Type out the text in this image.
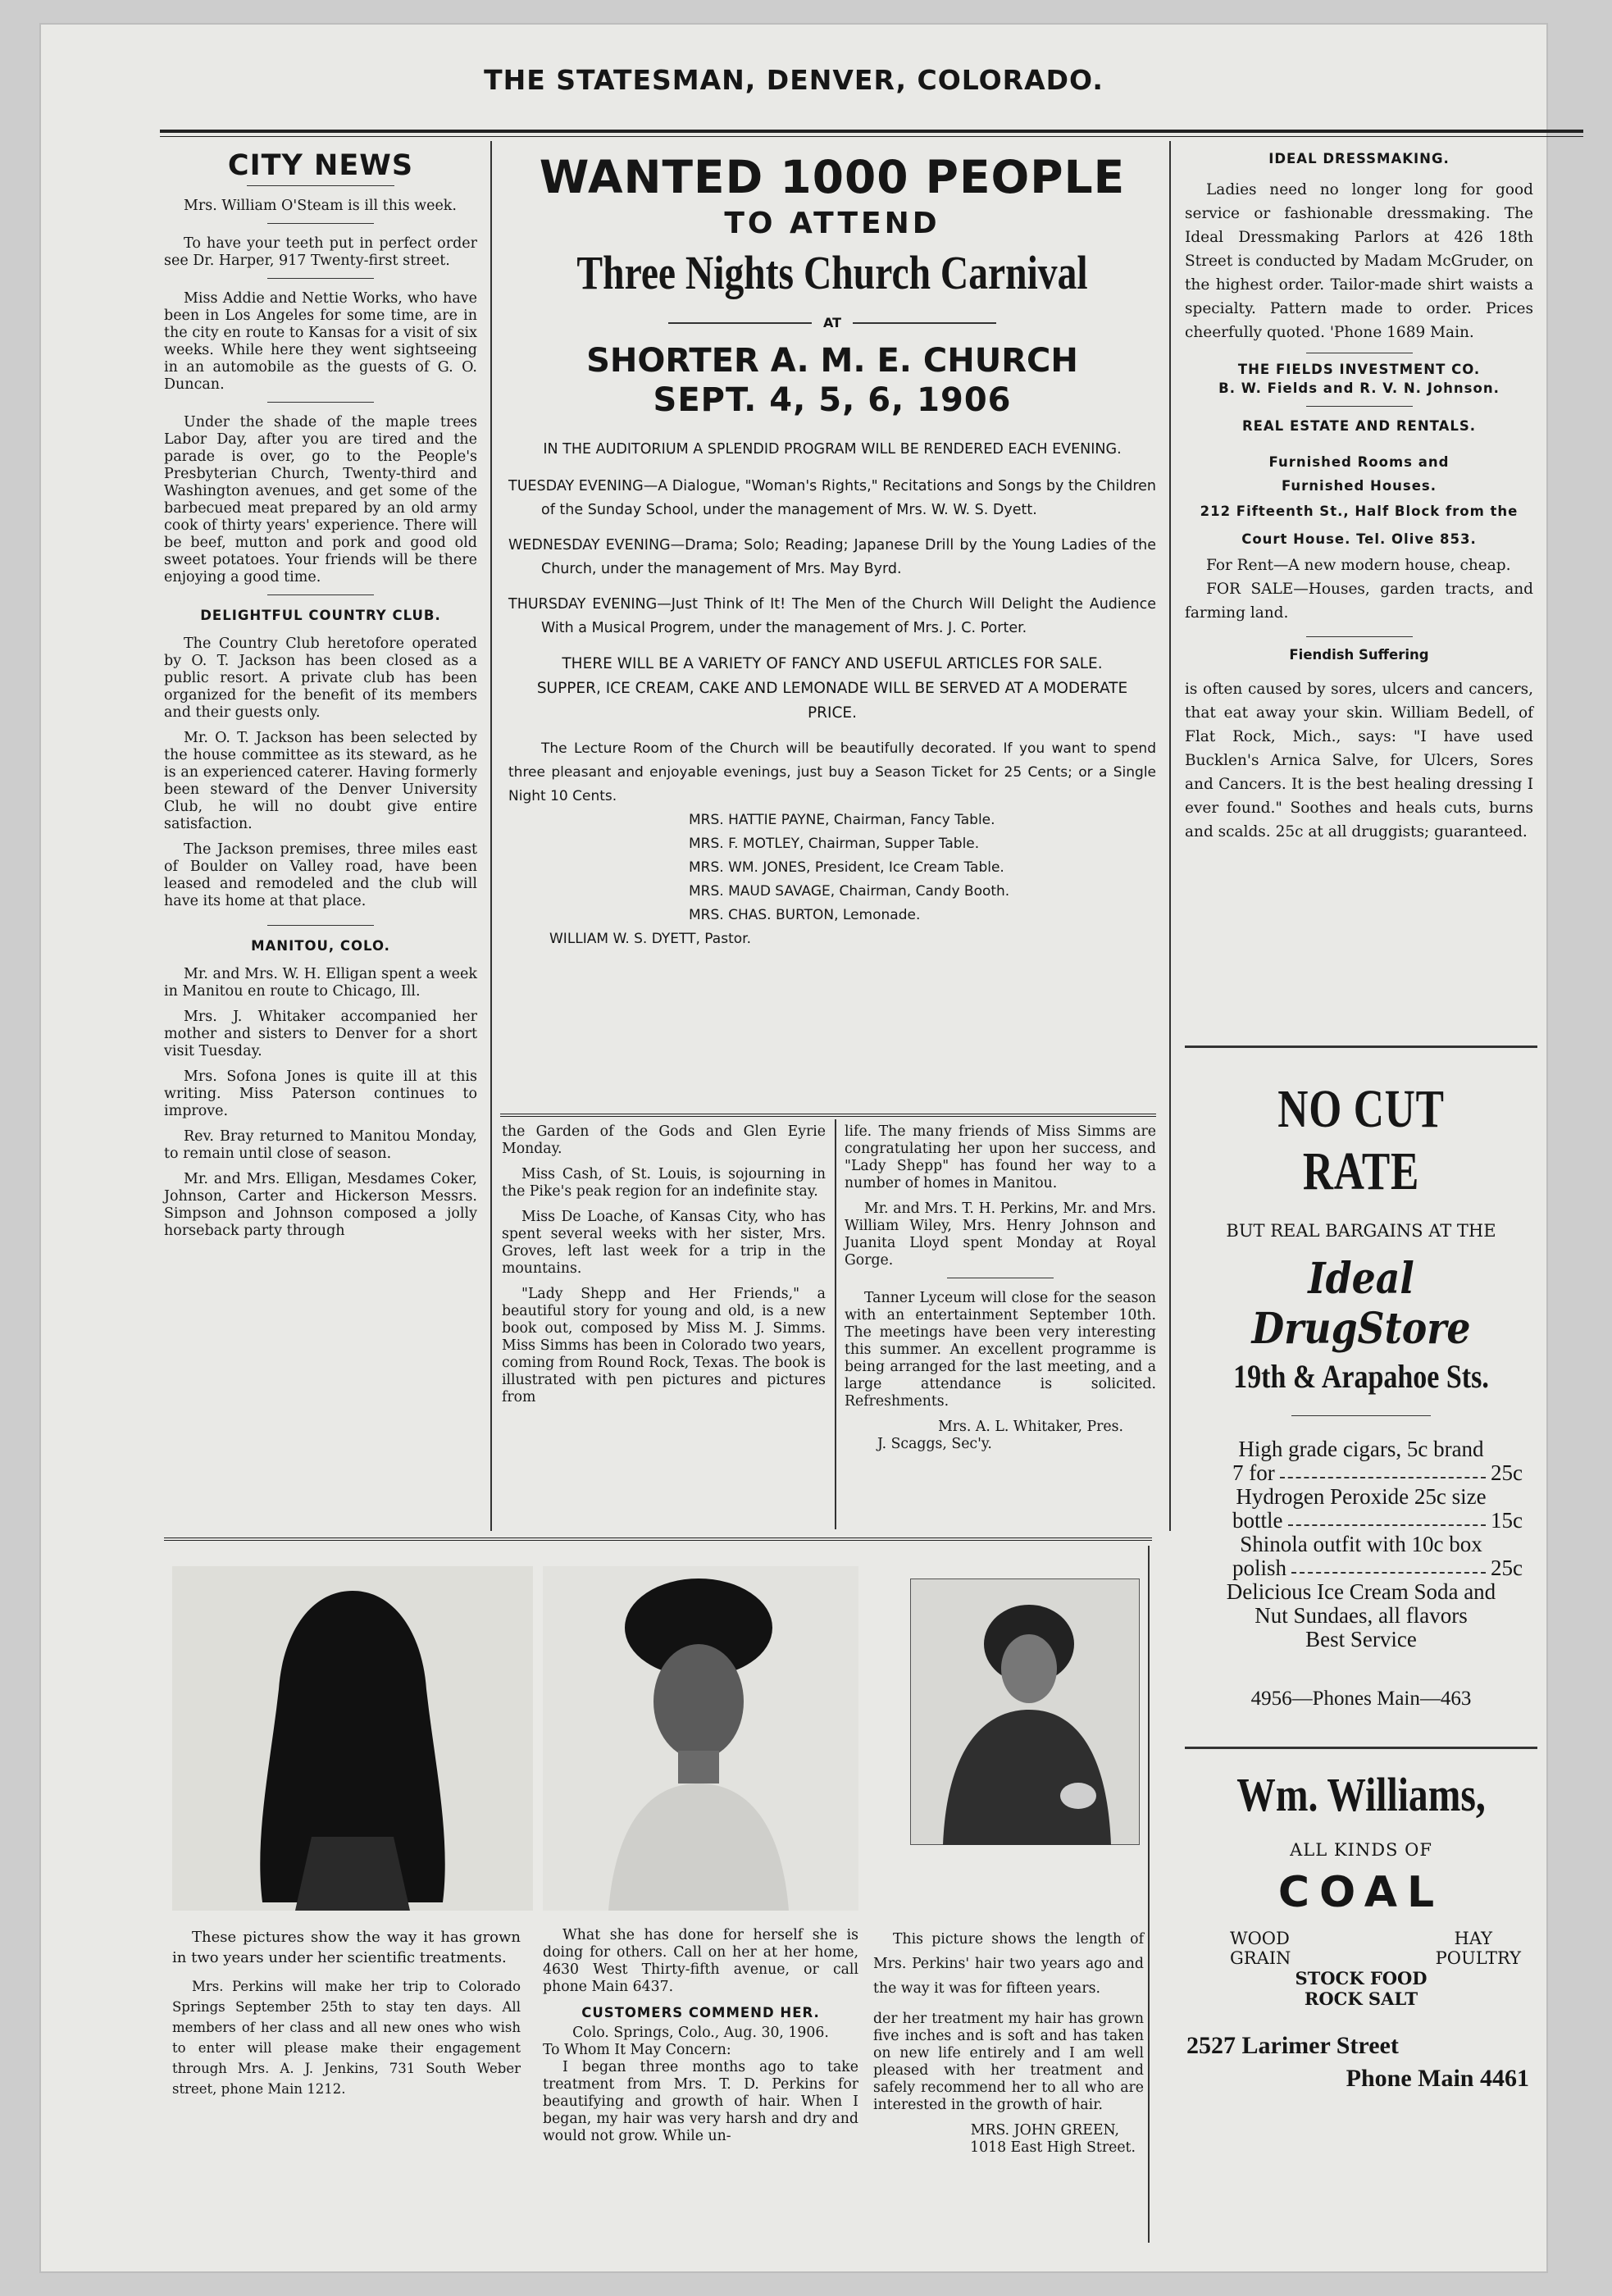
THE STATESMAN, DENVER, COLORADO.
CITY NEWS

Mrs. William O'Steam is ill this week.

To have your teeth put in perfect order see Dr. Harper, 917 Twenty-first street.

Miss Addie and Nettie Works, who have been in Los Angeles for some time, are in the city en route to Kansas for a visit of six weeks. While here they went sightseeing in an automobile as the guests of G. O. Duncan.

Under the shade of the maple trees Labor Day, after you are tired and the parade is over, go to the People's Presbyterian Church, Twenty-third and Washington avenues, and get some of the barbecued meat prepared by an old army cook of thirty years' experience. There will be beef, mutton and pork and good old sweet potatoes. Your friends will be there enjoying a good time.

DELIGHTFUL COUNTRY CLUB.

The Country Club heretofore operated by O. T. Jackson has been closed as a public resort. A private club has been organized for the benefit of its members and their guests only.

Mr. O. T. Jackson has been selected by the house committee as its steward, as he is an experienced caterer. Having formerly been steward of the Denver University Club, he will no doubt give entire satisfaction.

The Jackson premises, three miles east of Boulder on Valley road, have been leased and remodeled and the club will have its home at that place.

MANITOU, COLO.

Mr. and Mrs. W. H. Elligan spent a week in Manitou en route to Chicago, Ill.

Mrs. J. Whitaker accompanied her mother and sisters to Denver for a short visit Tuesday.

Mrs. Sofona Jones is quite ill at this writing. Miss Paterson continues to improve.

Rev. Bray returned to Manitou Monday, to remain until close of season.

Mr. and Mrs. Elligan, Mesdames Coker, Johnson, Carter and Hickerson Messrs. Simpson and Johnson composed a jolly horseback party through

WANTED 1000 PEOPLE
TO ATTEND
Three Nights Church Carnival
AT
SHORTER A. M. E. CHURCH
SEPT. 4, 5, 6, 1906
IN THE AUDITORIUM A SPLENDID PROGRAM WILL BE RENDERED EACH EVENING.

TUESDAY EVENING—A Dialogue, "Woman's Rights," Recitations and Songs by the Children of the Sunday School, under the management of Mrs. W. W. S. Dyett.

WEDNESDAY EVENING—Drama; Solo; Reading; Japanese Drill by the Young Ladies of the Church, under the management of Mrs. May Byrd.

THURSDAY EVENING—Just Think of It! The Men of the Church Will Delight the Audience With a Musical Progrem, under the management of Mrs. J. C. Porter.

THERE WILL BE A VARIETY OF FANCY AND USEFUL ARTICLES FOR SALE. SUPPER, ICE CREAM, CAKE AND LEMONADE WILL BE SERVED AT A MODERATE PRICE.
The Lecture Room of the Church will be beautifully decorated. If you want to spend three pleasant and enjoyable evenings, just buy a Season Ticket for 25 Cents; or a Single Night 10 Cents.
MRS. HATTIE PAYNE, Chairman, Fancy Table.
MRS. F. MOTLEY, Chairman, Supper Table.
MRS. WM. JONES, President, Ice Cream Table.
MRS. MAUD SAVAGE, Chairman, Candy Booth.
MRS. CHAS. BURTON, Lemonade.
WILLIAM W. S. DYETT, Pastor.

the Garden of the Gods and Glen Eyrie Monday.

Miss Cash, of St. Louis, is sojourning in the Pike's peak region for an indefinite stay.

Miss De Loache, of Kansas City, who has spent several weeks with her sister, Mrs. Groves, left last week for a trip in the mountains.

"Lady Shepp and Her Friends," a beautiful story for young and old, is a new book out, composed by Miss M. J. Simms. Miss Simms has been in Colorado two years, coming from Round Rock, Texas. The book is illustrated with pen pictures and pictures from

life. The many friends of Miss Simms are congratulating her upon her success, and "Lady Shepp" has found her way to a number of homes in Manitou.

Mr. and Mrs. T. H. Perkins, Mr. and Mrs. William Wiley, Mrs. Henry Johnson and Juanita Lloyd spent Monday at Royal Gorge.

Tanner Lyceum will close for the season with an entertainment September 10th. The meetings have been very interesting this summer. An excellent programme is being arranged for the last meeting, and a large attendance is solicited. Refreshments.

Mrs. A. L. Whitaker, Pres.
J. Scaggs, Sec'y.

These pictures show the way it has grown in two years under her scientific treatments.

Mrs. Perkins will make her trip to Colorado Springs September 25th to stay ten days. All members of her class and all new ones who wish to enter will please make their engagement through Mrs. A. J. Jenkins, 731 South Weber street, phone Main 1212.

What she has done for herself she is doing for others. Call on her at her home, 4630 West Thirty-fifth avenue, or call phone Main 6437.

CUSTOMERS COMMEND HER.
Colo. Springs, Colo., Aug. 30, 1906.
To Whom It May Concern:

I began three months ago to take treatment from Mrs. T. D. Perkins for beautifying and growth of hair. When I began, my hair was very harsh and dry and would not grow. While un-

This picture shows the length of Mrs. Perkins' hair two years ago and the way it was for fifteen years.

der her treatment my hair has grown five inches and is soft and has taken on new life entirely and I am well pleased with her treatment and safely recommend her to all who are interested in the growth of hair.

MRS. JOHN GREEN,
1018 East High Street.
IDEAL DRESSMAKING.

Ladies need no longer long for good service or fashionable dressmaking. The Ideal Dressmaking Parlors at 426 18th Street is conducted by Madam McGruder, on the highest order. Tailor-made shirt waists a specialty. Pattern made to order. Prices cheerfully quoted. 'Phone 1689 Main.

THE FIELDS INVESTMENT CO.
B. W. Fields and R. V. N. Johnson.
REAL ESTATE AND RENTALS.
Furnished Rooms and Furnished Houses.
212 Fifteenth St., Half Block from the Court House. Tel. Olive 853.

For Rent—A new modern house, cheap.

FOR SALE—Houses, garden tracts, and farming land.

Fiendish Suffering

is often caused by sores, ulcers and cancers, that eat away your skin. William Bedell, of Flat Rock, Mich., says: "I have used Bucklen's Arnica Salve, for Ulcers, Sores and Cancers. It is the best healing dressing I ever found." Soothes and heals cuts, burns and scalds. 25c at all druggists; guaranteed.

NO CUT RATE
BUT REAL BARGAINS AT THE
Ideal DrugStore
19th & Arapahoe Sts.
High grade cigars, 5c brand
7 for	25c
Hydrogen Peroxide 25c size
bottle	15c
Shinola outfit with 10c box
polish	25c
Delicious Ice Cream Soda and
Nut Sundaes, all flavors
Best Service
4956—Phones Main—463
Wm. Williams,
ALL KINDS OF
COAL
WOOD	HAY
GRAIN	POULTRY
STOCK FOOD
ROCK SALT
2527 Larimer Street
Phone Main 4461
